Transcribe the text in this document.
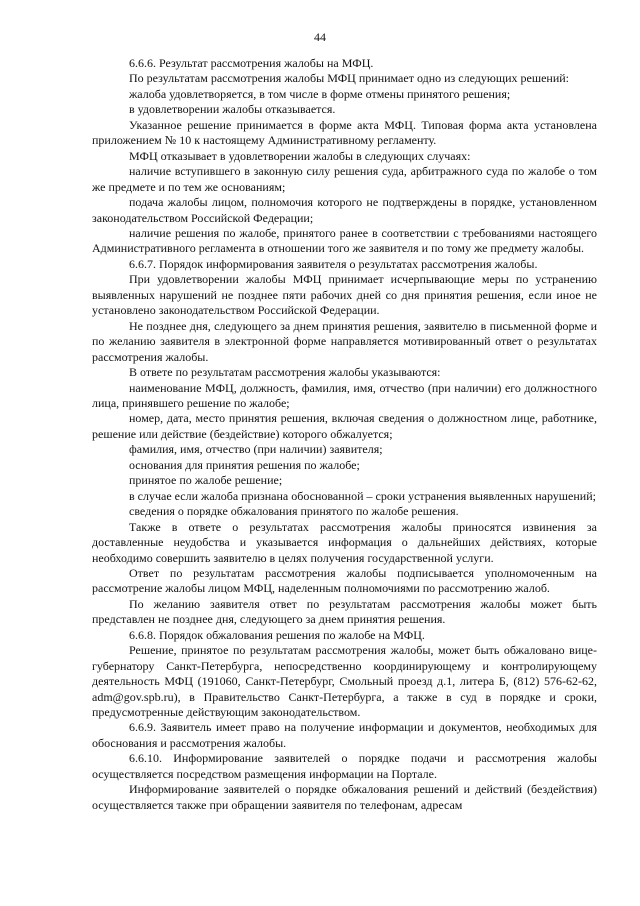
44

6.6.6. Результат рассмотрения жалобы на МФЦ.

По результатам рассмотрения жалобы МФЦ принимает одно из следующих решений:

жалоба удовлетворяется, в том числе в форме отмены принятого решения;

в удовлетворении жалобы отказывается.

Указанное решение принимается в форме акта МФЦ. Типовая форма акта установлена приложением № 10 к настоящему Административному регламенту.

МФЦ отказывает в удовлетворении жалобы в следующих случаях:

наличие вступившего в законную силу решения суда, арбитражного суда по жалобе о том же предмете и по тем же основаниям;

подача жалобы лицом, полномочия которого не подтверждены в порядке, установленном законодательством Российской Федерации;

наличие решения по жалобе, принятого ранее в соответствии с требованиями настоящего Административного регламента в отношении того же заявителя и по тому же предмету жалобы.

6.6.7. Порядок информирования заявителя о результатах рассмотрения жалобы.

При удовлетворении жалобы МФЦ принимает исчерпывающие меры по устранению выявленных нарушений не позднее пяти рабочих дней со дня принятия решения, если иное не установлено законодательством Российской Федерации.

Не позднее дня, следующего за днем принятия решения, заявителю в письменной форме и по желанию заявителя в электронной форме направляется мотивированный ответ о результатах рассмотрения жалобы.

В ответе по результатам рассмотрения жалобы указываются:

наименование МФЦ, должность, фамилия, имя, отчество (при наличии) его должностного лица, принявшего решение по жалобе;

номер, дата, место принятия решения, включая сведения о должностном лице, работнике, решение или действие (бездействие) которого обжалуется;

фамилия, имя, отчество (при наличии) заявителя;

основания для принятия решения по жалобе;

принятое по жалобе решение;

в случае если жалоба признана обоснованной – сроки устранения выявленных нарушений;

сведения о порядке обжалования принятого по жалобе решения.

Также в ответе о результатах рассмотрения жалобы приносятся извинения за доставленные неудобства и указывается информация о дальнейших действиях, которые необходимо совершить заявителю в целях получения государственной услуги.

Ответ по результатам рассмотрения жалобы подписывается уполномоченным на рассмотрение жалобы лицом МФЦ, наделенным полномочиями по рассмотрению жалоб.

По желанию заявителя ответ по результатам рассмотрения жалобы может быть представлен не позднее дня, следующего за днем принятия решения.

6.6.8. Порядок обжалования решения по жалобе на МФЦ.

Решение, принятое по результатам рассмотрения жалобы, может быть обжаловано вице-губернатору Санкт-Петербурга, непосредственно координирующему и контролирующему деятельность МФЦ (191060, Санкт-Петербург, Смольный проезд д.1, литера Б, (812) 576-62-62, adm@gov.spb.ru), в Правительство Санкт-Петербурга, а также в суд в порядке и сроки, предусмотренные действующим законодательством.

6.6.9. Заявитель имеет право на получение информации и документов, необходимых для обоснования и рассмотрения жалобы.

6.6.10. Информирование заявителей о порядке подачи и рассмотрения жалобы осуществляется посредством размещения информации на Портале.

Информирование заявителей о порядке обжалования решений и действий (бездействия) осуществляется также при обращении заявителя по телефонам, адресам
